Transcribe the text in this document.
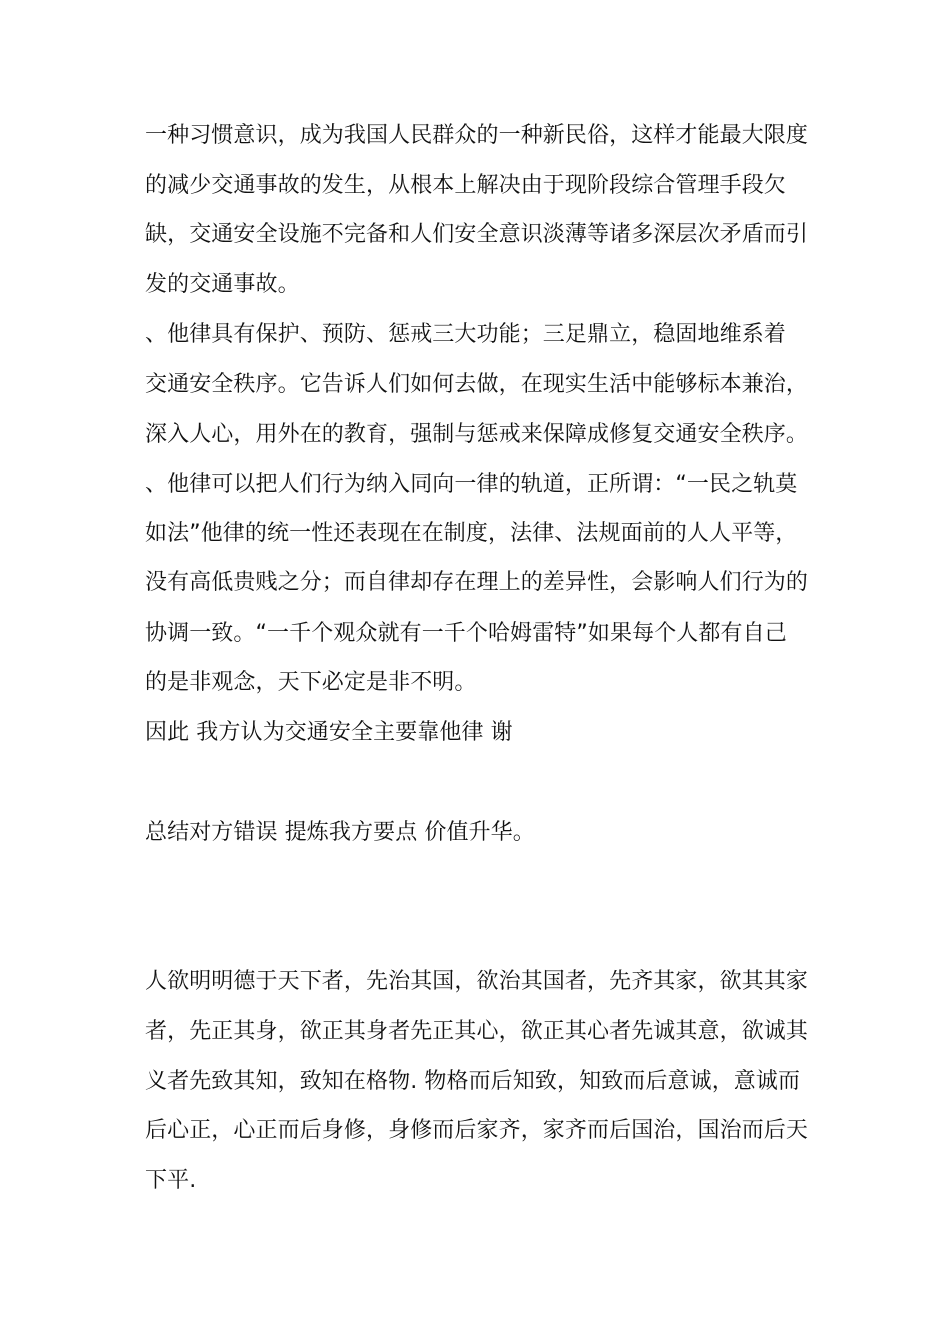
一种习惯意识，成为我国人民群众的一种新民俗，这样才能最大限度
的减少交通事故的发生，从根本上解决由于现阶段综合管理手段欠
缺，交通安全设施不完备和人们安全意识淡薄等诸多深层次矛盾而引
发的交通事故。
、他律具有保护、预防、惩戒三大功能；三足鼎立，稳固地维系着
交通安全秩序。它告诉人们如何去做，在现实生活中能够标本兼治，
深入人心，用外在的教育，强制与惩戒来保障成修复交通安全秩序。
、他律可以把人们行为纳入同向一律的轨道，正所谓：“一民之轨莫
如法”他律的统一性还表现在在制度，法律、法规面前的人人平等，
没有高低贵贱之分；而自律却存在理上的差异性，会影响人们行为的
协调一致。“一千个观众就有一千个哈姆雷特”如果每个人都有自己
的是非观念，天下必定是非不明。
因此 我方认为交通安全主要靠他律 谢
总结对方错误 提炼我方要点 价值升华。
人欲明明德于天下者，先治其国，欲治其国者，先齐其家，欲其其家
者，先正其身，欲正其身者先正其心，欲正其心者先诚其意，欲诚其
义者先致其知，致知在格物. 物格而后知致，知致而后意诚，意诚而
后心正，心正而后身修，身修而后家齐，家齐而后国治，国治而后天
下平.
